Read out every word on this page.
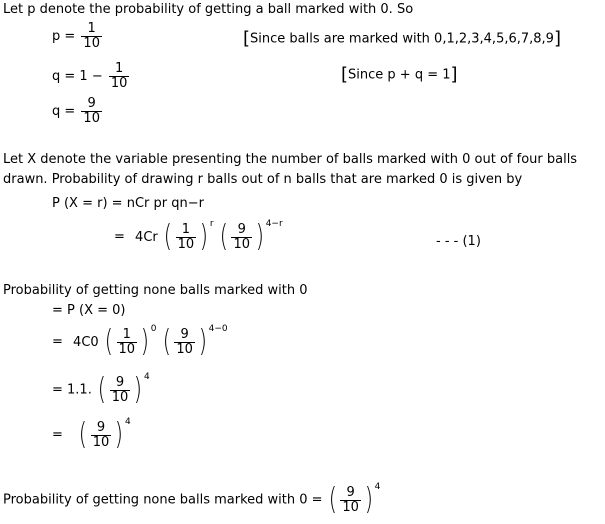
Let p denote the probability of getting a ball marked with 0. So
$p = \frac{1}{10}$	[Since balls are marked with 0,1,2,3,4,5,6,7,8,9]
$q = 1 - \frac{1}{10}$	[Since p + q = 1]
$q = \frac{9}{10}$
Let X denote the variable presenting the number of balls marked with 0 out of four balls
drawn. Probability of drawing r balls out of n balls that are marked 0 is given by
P (X = r) = nCr pr qn−r
= 4Cr ( $\frac{1}{10}$ ) $^r$ ( $\frac{9}{10}$ ) $^{4-r}$
- - - (1)
Probability of getting none balls marked with 0
= P (X = 0)
= 4C0 ( $\frac{1}{10}$ ) $^0$ ( $\frac{9}{10}$ ) $^{4-0}$
= 1.1. ( $\frac{9}{10}$ ) $^4$
= ( $\frac{9}{10}$ ) $^4$
Probability of getting none balls marked with 0 = ( $\frac{9}{10}$ ) $^4$
